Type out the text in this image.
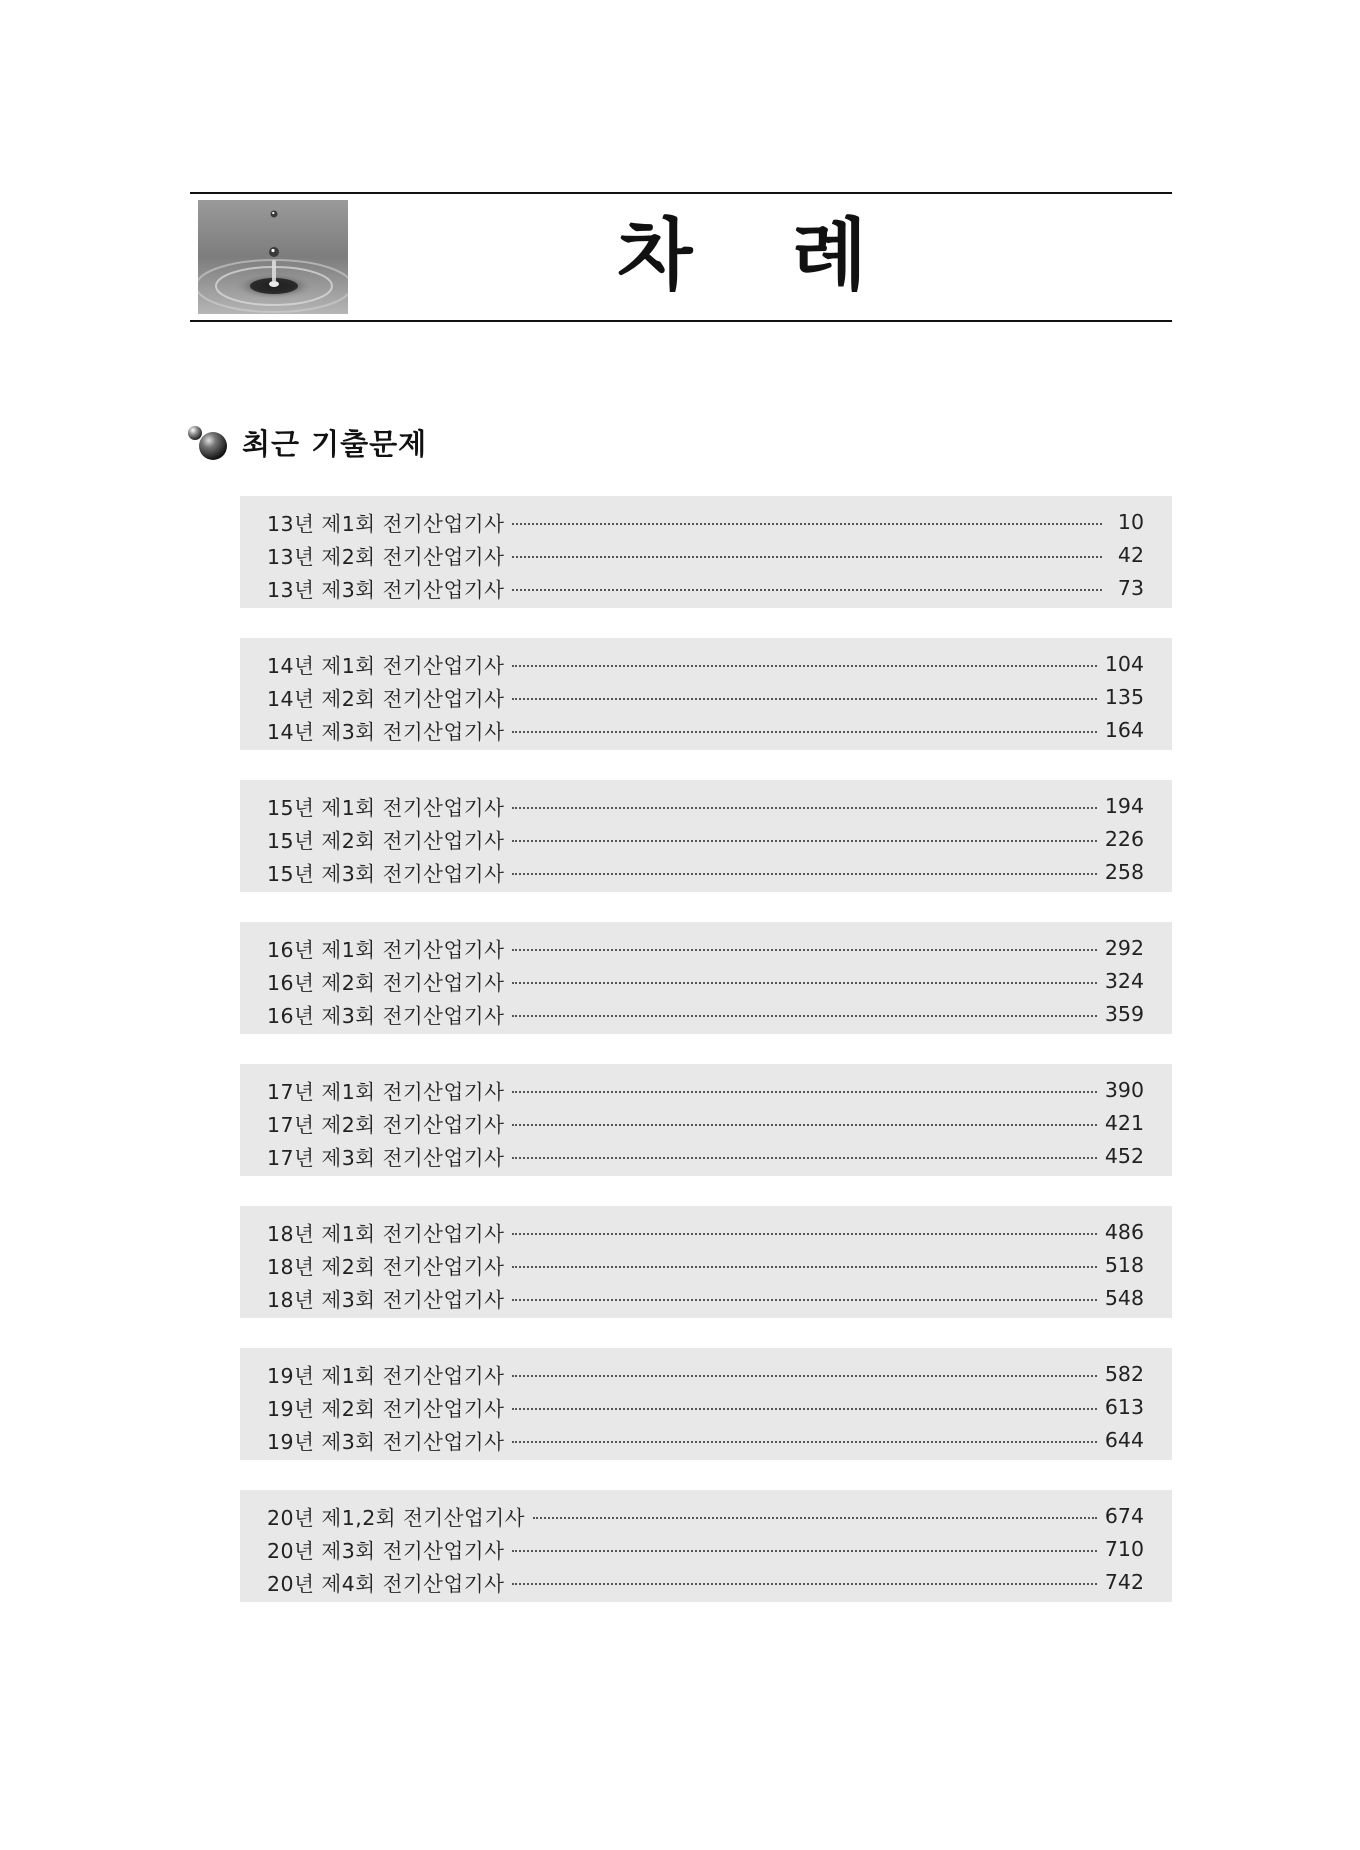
차 례
최근 기출문제
13년 제1회 전기산업기사	10
13년 제2회 전기산업기사	42
13년 제3회 전기산업기사	73
14년 제1회 전기산업기사	104
14년 제2회 전기산업기사	135
14년 제3회 전기산업기사	164
15년 제1회 전기산업기사	194
15년 제2회 전기산업기사	226
15년 제3회 전기산업기사	258
16년 제1회 전기산업기사	292
16년 제2회 전기산업기사	324
16년 제3회 전기산업기사	359
17년 제1회 전기산업기사	390
17년 제2회 전기산업기사	421
17년 제3회 전기산업기사	452
18년 제1회 전기산업기사	486
18년 제2회 전기산업기사	518
18년 제3회 전기산업기사	548
19년 제1회 전기산업기사	582
19년 제2회 전기산업기사	613
19년 제3회 전기산업기사	644
20년 제1,2회 전기산업기사	674
20년 제3회 전기산업기사	710
20년 제4회 전기산업기사	742
